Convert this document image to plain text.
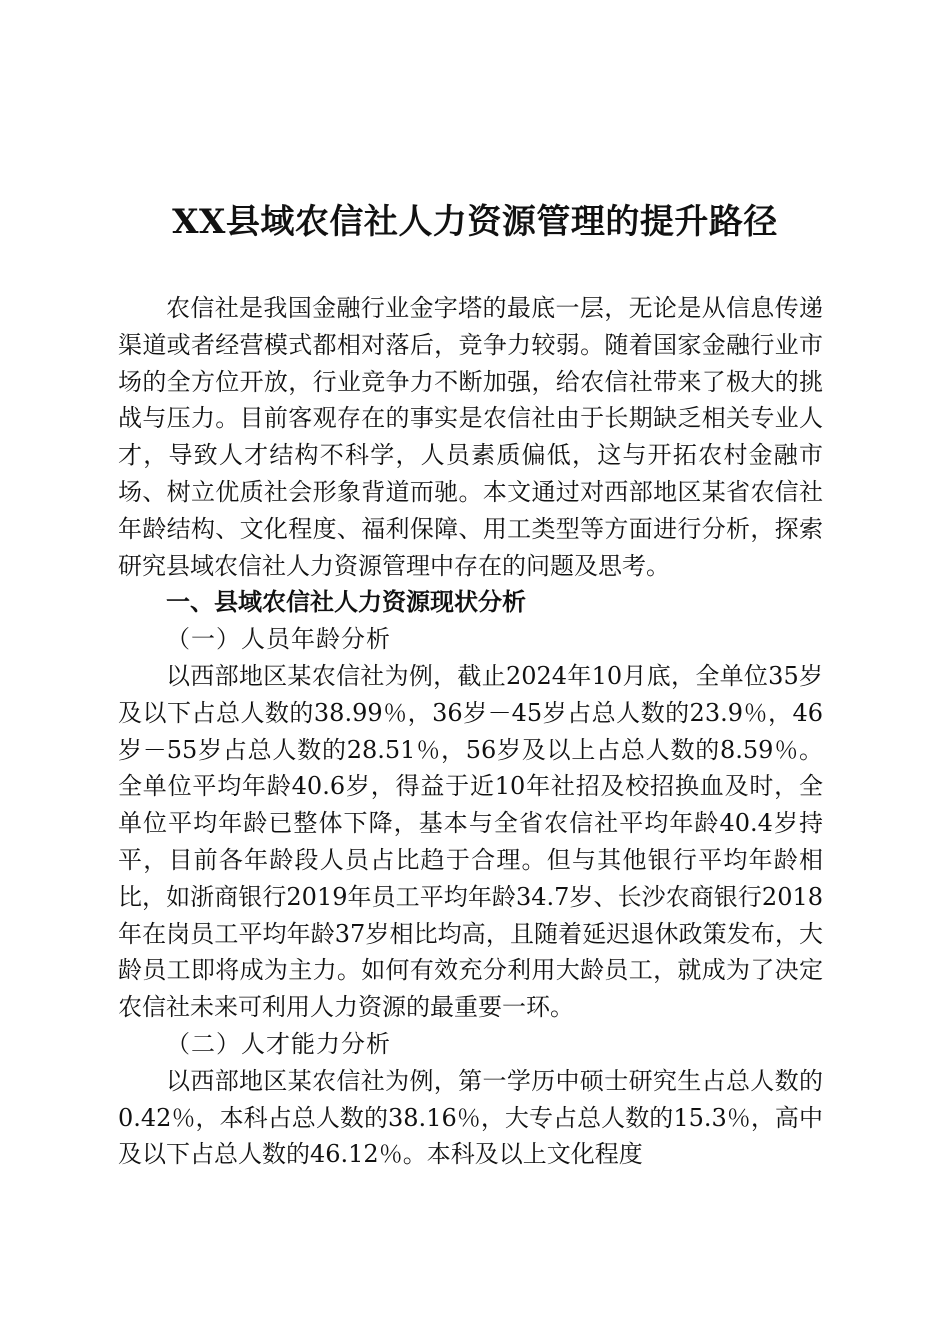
XX县域农信社人力资源管理的提升路径

农信社是我国金融行业金字塔的最底一层，无论是从信息传递渠道或者经营模式都相对落后，竞争力较弱。随着国家金融行业市场的全方位开放，行业竞争力不断加强，给农信社带来了极大的挑战与压力。目前客观存在的事实是农信社由于长期缺乏相关专业人才，导致人才结构不科学，人员素质偏低，这与开拓农村金融市场、树立优质社会形象背道而驰。本文通过对西部地区某省农信社年龄结构、文化程度、福利保障、用工类型等方面进行分析，探索研究县域农信社人力资源管理中存在的问题及思考。

一、县域农信社人力资源现状分析

（一）人员年龄分析

以西部地区某农信社为例，截止2024年10月底，全单位35岁及以下占总人数的38.99％，36岁－45岁占总人数的23.9％，46岁－55岁占总人数的28.51％，56岁及以上占总人数的8.59％。全单位平均年龄40.6岁，得益于近10年社招及校招换血及时，全单位平均年龄已整体下降，基本与全省农信社平均年龄40.4岁持平，目前各年龄段人员占比趋于合理。但与其他银行平均年龄相比，如浙商银行2019年员工平均年龄34.7岁、长沙农商银行2018年在岗员工平均年龄37岁相比均高，且随着延迟退休政策发布，大龄员工即将成为主力。如何有效充分利用大龄员工，就成为了决定农信社未来可利用人力资源的最重要一环。

（二）人才能力分析

以西部地区某农信社为例，第一学历中硕士研究生占总人数的0.42％，本科占总人数的38.16％，大专占总人数的15.3％，高中及以下占总人数的46.12％。本科及以上文化程度
